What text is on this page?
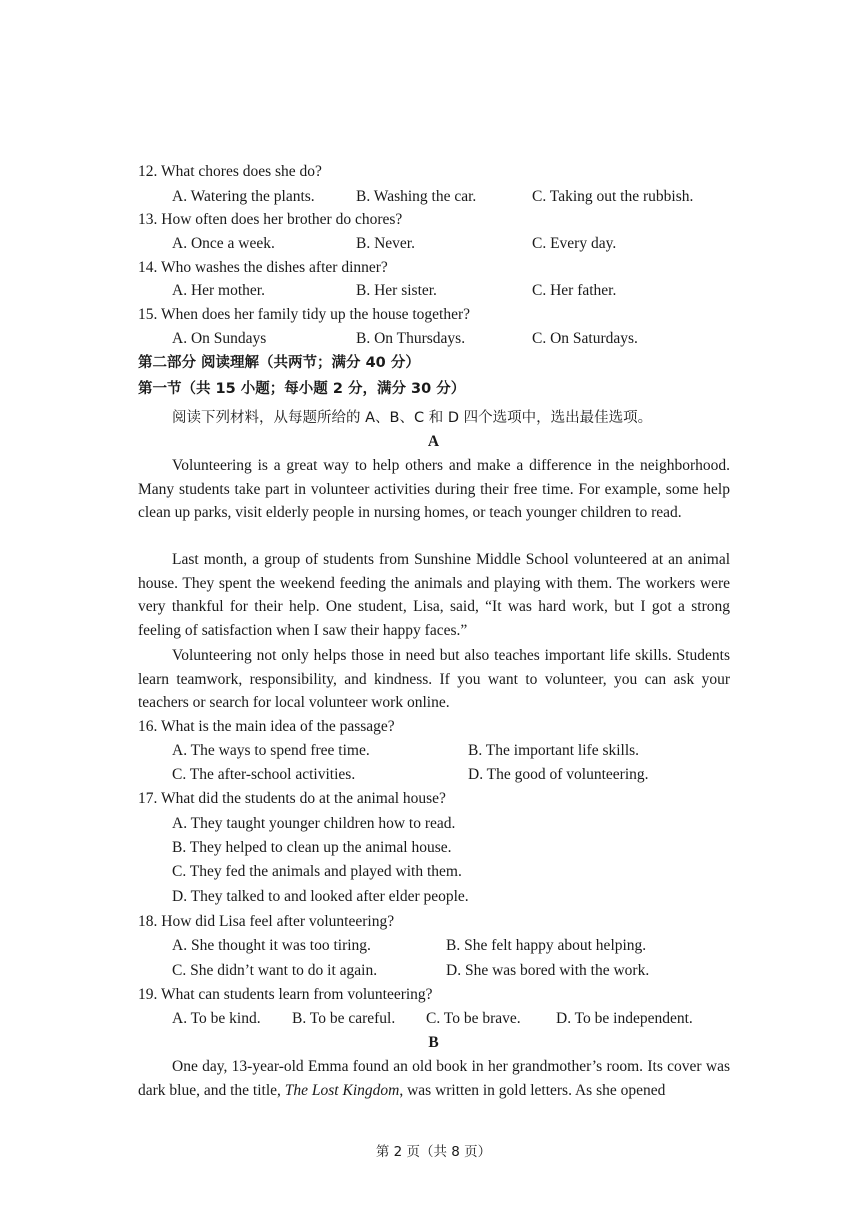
12. What chores does she do?
A. Watering the plants.	B. Washing the car.	C. Taking out the rubbish.
13. How often does her brother do chores?
A. Once a week.	B. Never.	C. Every day.
14. Who washes the dishes after dinner?
A. Her mother.	B. Her sister.	C. Her father.
15. When does her family tidy up the house together?
A. On Sundays	B. On Thursdays.	C. On Saturdays.
第二部分 阅读理解（共两节；满分 40 分）
第一节（共 15 小题；每小题 2 分，满分 30 分）
阅读下列材料，从每题所给的 A、B、C 和 D 四个选项中，选出最佳选项。
A
Volunteering is a great way to help others and make a difference in the neighborhood. Many students take part in volunteer activities during their free time. For example, some help clean up parks, visit elderly people in nursing homes, or teach younger children to read.
Last month, a group of students from Sunshine Middle School volunteered at an animal house. They spent the weekend feeding the animals and playing with them. The workers were very thankful for their help. One student, Lisa, said, “It was hard work, but I got a strong feeling of satisfaction when I saw their happy faces.”
Volunteering not only helps those in need but also teaches important life skills. Students learn teamwork, responsibility, and kindness. If you want to volunteer, you can ask your teachers or search for local volunteer work online.
16. What is the main idea of the passage?
A. The ways to spend free time.	B. The important life skills.
C. The after-school activities.	D. The good of volunteering.
17. What did the students do at the animal house?
A. They taught younger children how to read.
B. They helped to clean up the animal house.
C. They fed the animals and played with them.
D. They talked to and looked after elder people.
18. How did Lisa feel after volunteering?
A. She thought it was too tiring.	B. She felt happy about helping.
C. She didn’t want to do it again.	D. She was bored with the work.
19. What can students learn from volunteering?
A. To be kind. B. To be careful. C. To be brave. D. To be independent.
B
One day, 13-year-old Emma found an old book in her grandmother’s room. Its cover was dark blue, and the title, The Lost Kingdom, was written in gold letters. As she opened
第 2 页（共 8 页）
